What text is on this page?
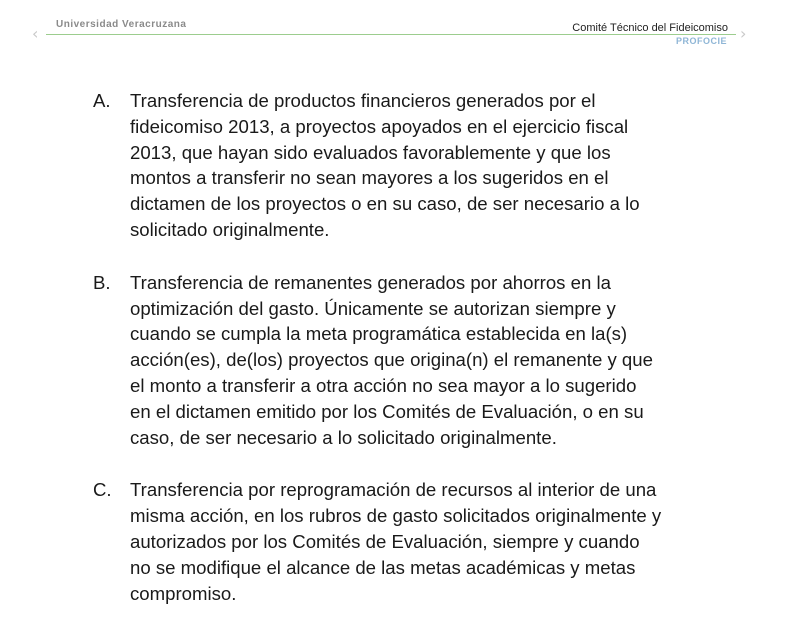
Universidad Veracruzana
‹	›
Comité Técnico del Fideicomiso
PROFOCIE
A. Transferencia de productos financieros generados por el
fideicomiso 2013, a proyectos apoyados en el ejercicio fiscal
2013, que hayan sido evaluados favorablemente y que los
montos a transferir no sean mayores a los sugeridos en el
dictamen de los proyectos o en su caso, de ser necesario a lo
solicitado originalmente.
B. Transferencia de remanentes generados por ahorros en la
optimización del gasto. Únicamente se autorizan siempre y
cuando se cumpla la meta programática establecida en la(s)
acción(es), de(los) proyectos que origina(n) el remanente y que
el monto a transferir a otra acción no sea mayor a lo sugerido
en el dictamen emitido por los Comités de Evaluación, o en su
caso, de ser necesario a lo solicitado originalmente.
C. Transferencia por reprogramación de recursos al interior de una
misma acción, en los rubros de gasto solicitados originalmente y
autorizados por los Comités de Evaluación, siempre y cuando
no se modifique el alcance de las metas académicas y metas
compromiso.
